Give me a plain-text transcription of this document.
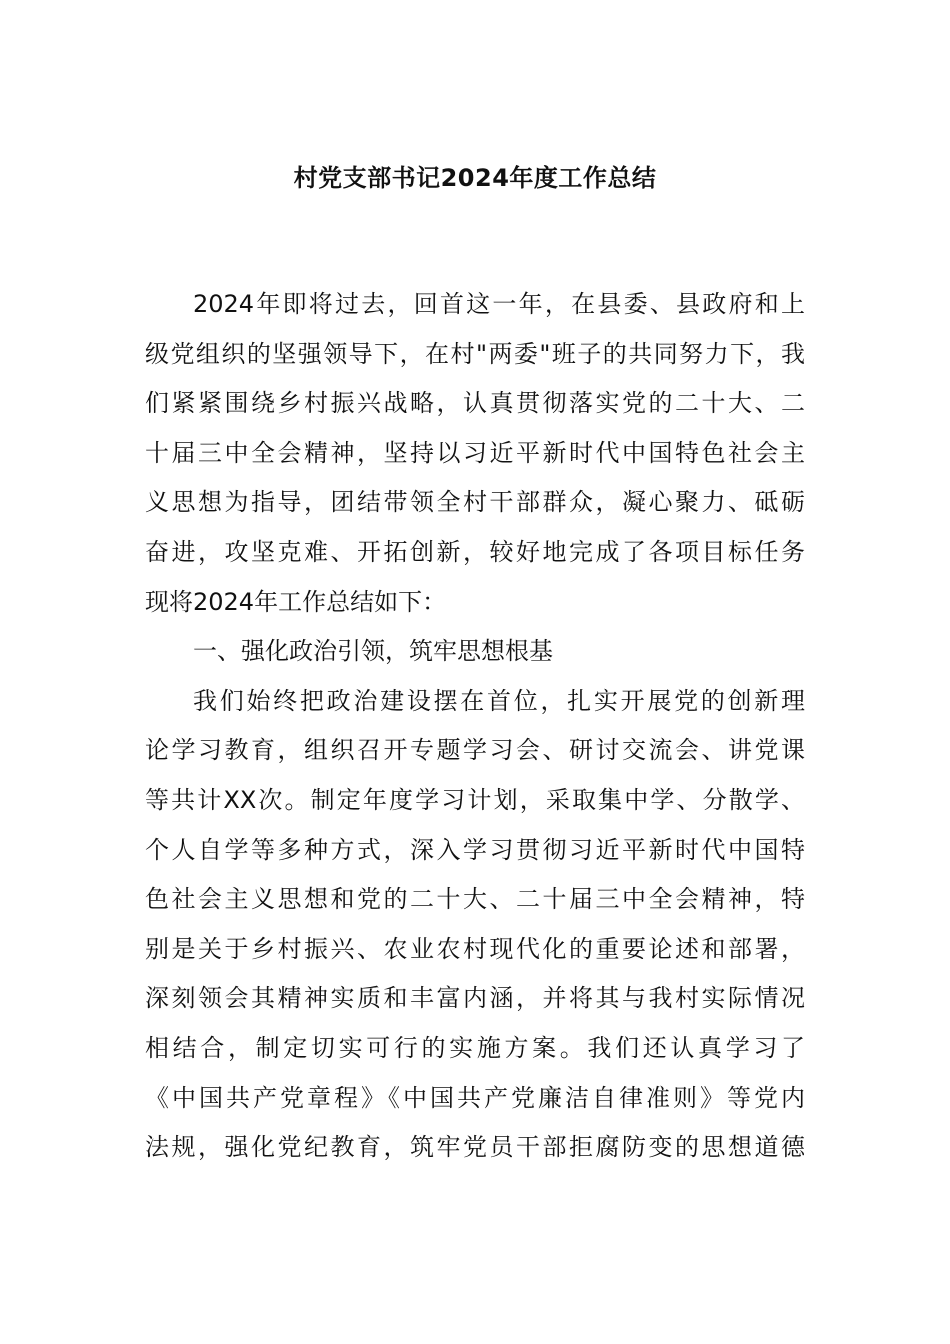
村党支部书记2024年度工作总结
2024年即将过去，回首这一年，在县委、县政府和上
级党组织的坚强领导下，在村"两委"班子的共同努力下，我
们紧紧围绕乡村振兴战略，认真贯彻落实党的二十大、二
十届三中全会精神，坚持以习近平新时代中国特色社会主
义思想为指导，团结带领全村干部群众，凝心聚力、砥砺
奋进，攻坚克难、开拓创新，较好地完成了各项目标任务
现将2024年工作总结如下：
一、强化政治引领，筑牢思想根基
我们始终把政治建设摆在首位，扎实开展党的创新理
论学习教育，组织召开专题学习会、研讨交流会、讲党课
等共计XX次。制定年度学习计划，采取集中学、分散学、
个人自学等多种方式，深入学习贯彻习近平新时代中国特
色社会主义思想和党的二十大、二十届三中全会精神，特
别是关于乡村振兴、农业农村现代化的重要论述和部署，
深刻领会其精神实质和丰富内涵，并将其与我村实际情况
相结合，制定切实可行的实施方案。我们还认真学习了
《中国共产党章程》《中国共产党廉洁自律准则》等党内
法规，强化党纪教育，筑牢党员干部拒腐防变的思想道德
